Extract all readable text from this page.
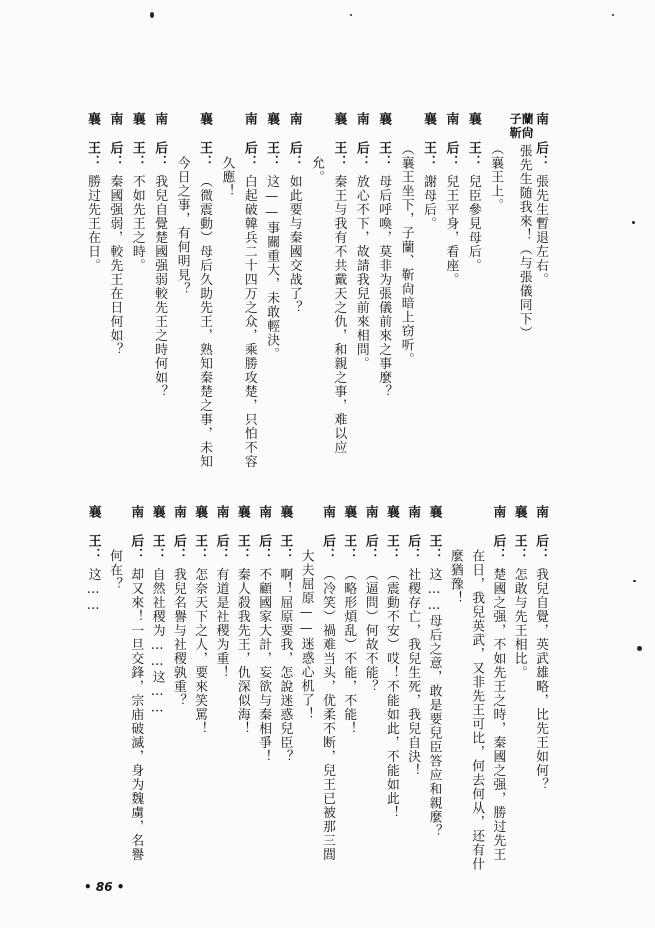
南后：張先生暫退左右。
子蘭靳尙張先生随我來！（与張儀同下）
（襄王上。
襄王：兒臣參見母后。
南后：兒王平身，看座。
襄王：謝母后。
（襄王坐下，子蘭、靳尙暗上窃听。
襄王：母后呼喚，莫非为張儀前來之事麼？
南后：放心不下，故請我兒前來相問。
襄王：秦王与我有不共戴天之仇，和親之事，难以应
允。
南后：如此要与秦國交战了？
襄王：这——事關重大，未敢輕決。
南后：白起破韓兵二十四万之众，乘勝攻楚，只怕不容
久應！
襄王：（微震動）母后久助先王，熟知秦楚之事，未知
今日之事，有何明見？
南后：我兒自覺楚國强弱較先王之時何如？
襄王：不如先王之時。
南后：秦國强弱，較先王在日何如？
襄王：勝过先王在日。
南后：我兒自覺，英武雄略，比先王如何？
襄王：怎敢与先王相比。
南后：楚國之强，不如先王之時，秦國之强，勝过先王
在日，我兒英武，又非先王可比，何去何从，还有什
麼猶豫！
襄王：这……母后之意，敢是要兒臣答应和親麼？
南后：社稷存亡，我兒生死，我兒自決！
襄王：（震動不安）哎！不能如此，不能如此！
南后：（逼問）何故不能？
襄王：（略形煩乱）不能，不能！
南后：（冷笑）禍难当头，优柔不断，兒王已被那三閭
大夫屈原——迷惑心机了！
襄王：啊！屈原要我，怎說迷惑兒臣？
南后：不顧國家大計，妄欲与秦相爭！
襄王：秦人殺我先王，仇深似海！
南后：有道是社稷为重！
襄王：怎奈天下之人，要來笑罵！
南后：我兒名譽与社稷孰重？
襄王：自然社稷为……这……
南后：却又來！一旦交鋒，宗庙破滅，身为魏虜，名譽
何在？
襄王：这……
• 86 •
